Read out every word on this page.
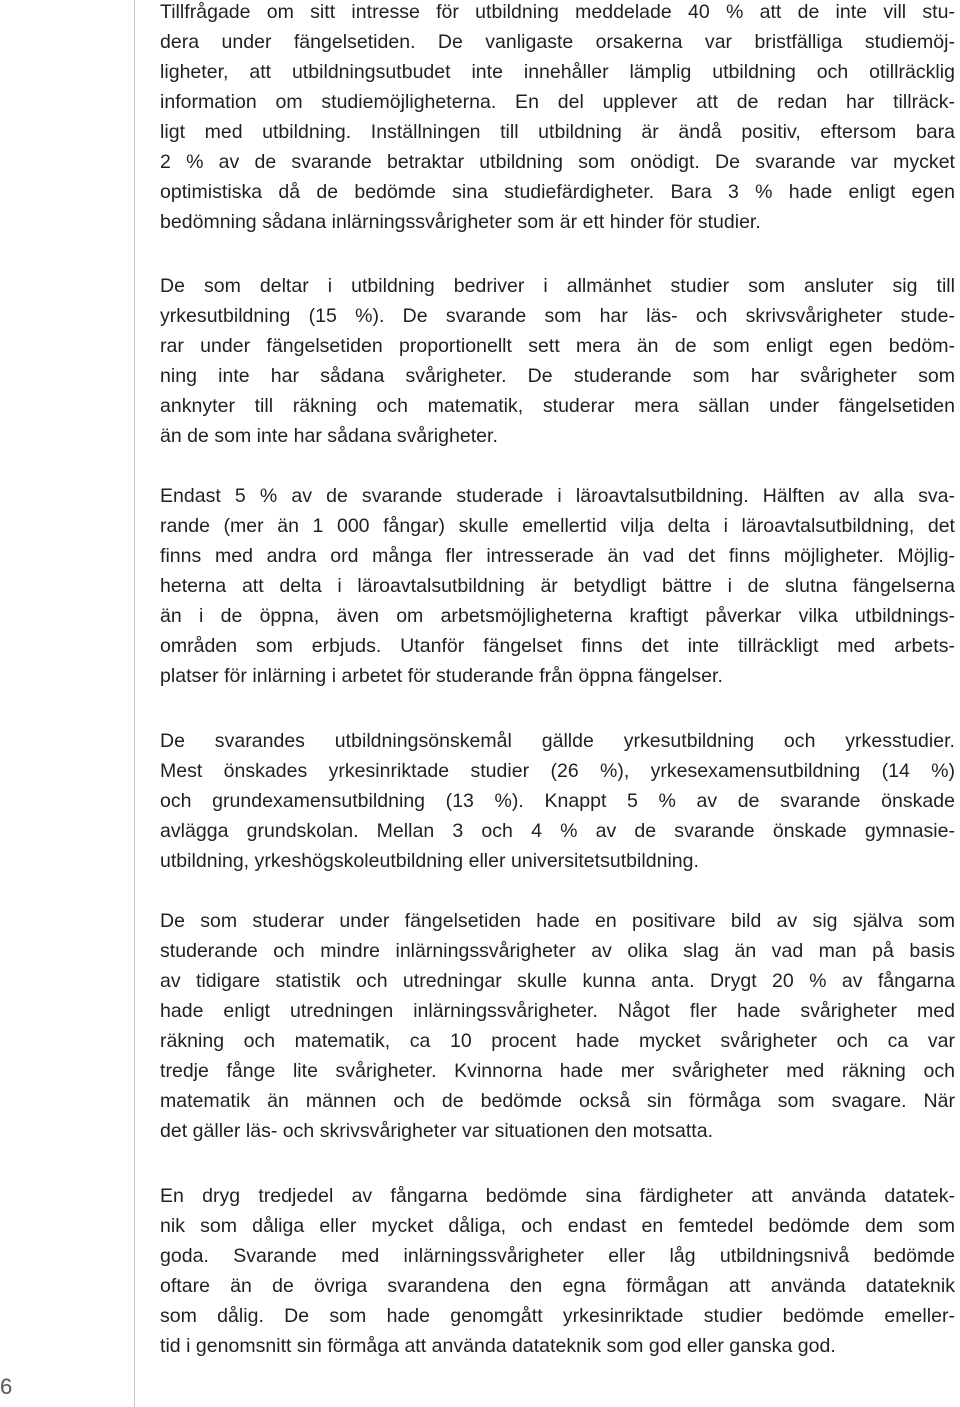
Tillfrågade om sitt intresse för utbildning meddelade 40 % att de inte vill stu-
dera under fängelsetiden. De vanligaste orsakerna var bristfälliga studiemöj-
ligheter, att utbildningsutbudet inte innehåller lämplig utbildning och otillräcklig
information om studiemöjligheterna. En del upplever att de redan har tillräck-
ligt med utbildning. Inställningen till utbildning är ändå positiv, eftersom bara
2 % av de svarande betraktar utbildning som onödigt. De svarande var mycket
optimistiska då de bedömde sina studiefärdigheter. Bara 3 % hade enligt egen
bedömning sådana inlärningssvårigheter som är ett hinder för studier.
De som deltar i utbildning bedriver i allmänhet studier som ansluter sig till
yrkesutbildning (15 %). De svarande som har läs- och skrivsvårigheter stude-
rar under fängelsetiden proportionellt sett mera än de som enligt egen bedöm-
ning inte har sådana svårigheter. De studerande som har svårigheter som
anknyter till räkning och matematik, studerar mera sällan under fängelsetiden
än de som inte har sådana svårigheter.
Endast 5 % av de svarande studerade i läroavtalsutbildning. Hälften av alla sva-
rande (mer än 1 000 fångar) skulle emellertid vilja delta i läroavtalsutbildning, det
finns med andra ord många fler intresserade än vad det finns möjligheter. Möjlig-
heterna att delta i läroavtalsutbildning är betydligt bättre i de slutna fängelserna
än i de öppna, även om arbetsmöjligheterna kraftigt påverkar vilka utbildnings-
områden som erbjuds. Utanför fängelset finns det inte tillräckligt med arbets-
platser för inlärning i arbetet för studerande från öppna fängelser.
De svarandes utbildningsönskemål gällde yrkesutbildning och yrkesstudier.
Mest önskades yrkesinriktade studier (26 %), yrkesexamensutbildning (14 %)
och grundexamensutbildning (13 %). Knappt 5 % av de svarande önskade
avlägga grundskolan. Mellan 3 och 4 % av de svarande önskade gymnasie-
utbildning, yrkeshögskoleutbildning eller universitetsutbildning.
De som studerar under fängelsetiden hade en positivare bild av sig själva som
studerande och mindre inlärningssvårigheter av olika slag än vad man på basis
av tidigare statistik och utredningar skulle kunna anta. Drygt 20 % av fångarna
hade enligt utredningen inlärningssvårigheter. Något fler hade svårigheter med
räkning och matematik, ca 10 procent hade mycket svårigheter och ca var
tredje fånge lite svårigheter. Kvinnorna hade mer svårigheter med räkning och
matematik än männen och de bedömde också sin förmåga som svagare. När
det gäller läs- och skrivsvårigheter var situationen den motsatta.
En dryg tredjedel av fångarna bedömde sina färdigheter att använda datatek-
nik som dåliga eller mycket dåliga, och endast en femtedel bedömde dem som
goda. Svarande med inlärningssvårigheter eller låg utbildningsnivå bedömde
oftare än de övriga svarandena den egna förmågan att använda datateknik
som dålig. De som hade genomgått yrkesinriktade studier bedömde emeller-
tid i genomsnitt sin förmåga att använda datateknik som god eller ganska god.
6
